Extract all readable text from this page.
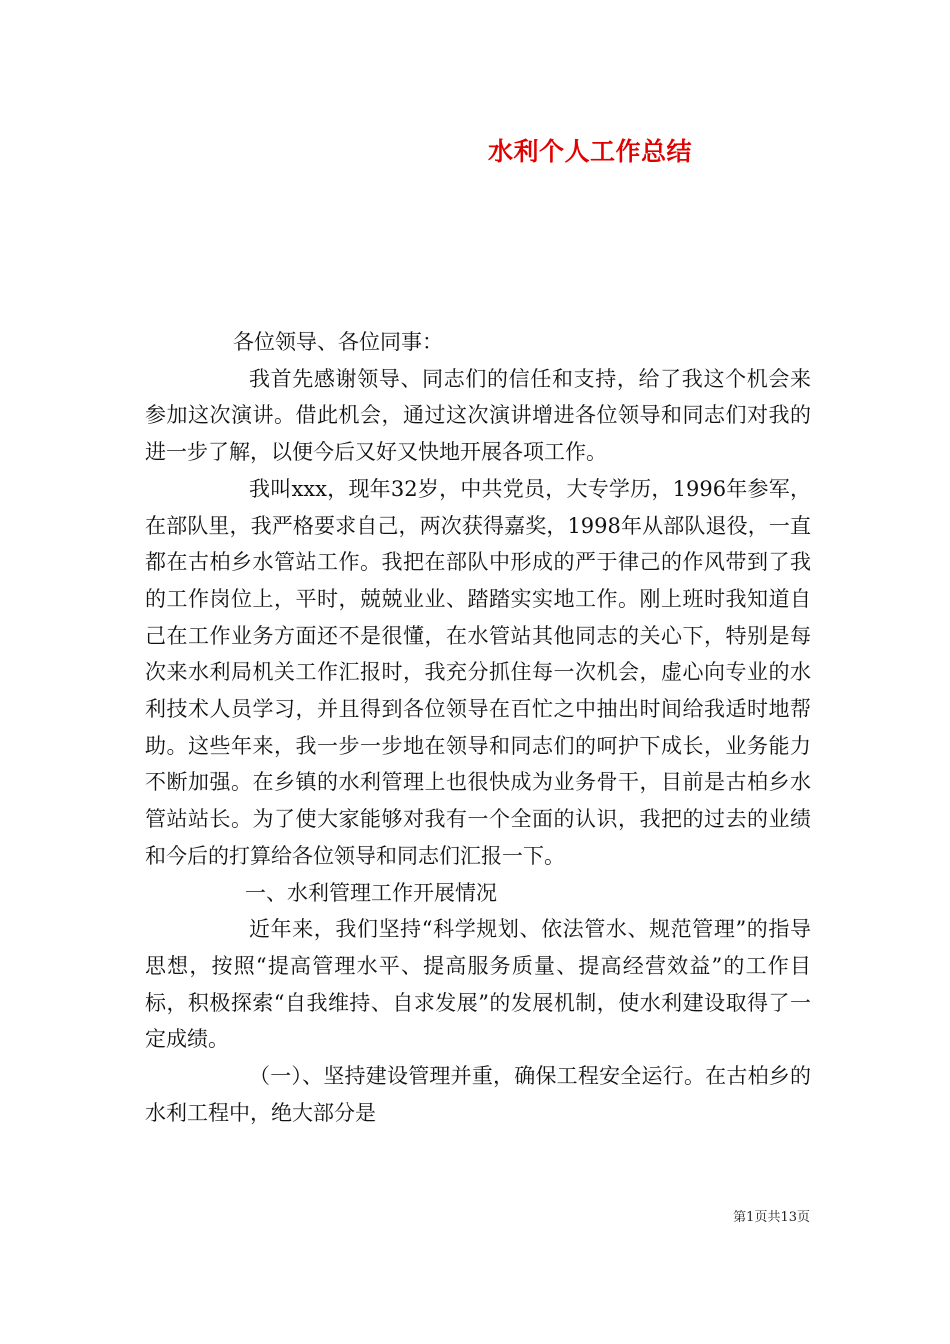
水利个人工作总结

各位领导、各位同事：

我首先感谢领导、同志们的信任和支持，给了我这个机会来参加这次演讲。借此机会，通过这次演讲增进各位领导和同志们对我的进一步了解，以便今后又好又快地开展各项工作。

我叫xxx，现年32岁，中共党员，大专学历，1996年参军，在部队里，我严格要求自己，两次获得嘉奖，1998年从部队退役，一直都在古柏乡水管站工作。我把在部队中形成的严于律己的作风带到了我的工作岗位上，平时，兢兢业业、踏踏实实地工作。刚上班时我知道自己在工作业务方面还不是很懂，在水管站其他同志的关心下，特别是每次来水利局机关工作汇报时，我充分抓住每一次机会，虚心向专业的水利技术人员学习，并且得到各位领导在百忙之中抽出时间给我适时地帮助。这些年来，我一步一步地在领导和同志们的呵护下成长，业务能力不断加强。在乡镇的水利管理上也很快成为业务骨干，目前是古柏乡水管站站长。为了使大家能够对我有一个全面的认识，我把的过去的业绩和今后的打算给各位领导和同志们汇报一下。

一、水利管理工作开展情况

近年来，我们坚持“科学规划、依法管水、规范管理”的指导思想，按照“提高管理水平、提高服务质量、提高经营效益”的工作目标，积极探索“自我维持、自求发展”的发展机制，使水利建设取得了一定成绩。

（一）、坚持建设管理并重，确保工程安全运行。在古柏乡的水利工程中，绝大部分是

第1页共13页
